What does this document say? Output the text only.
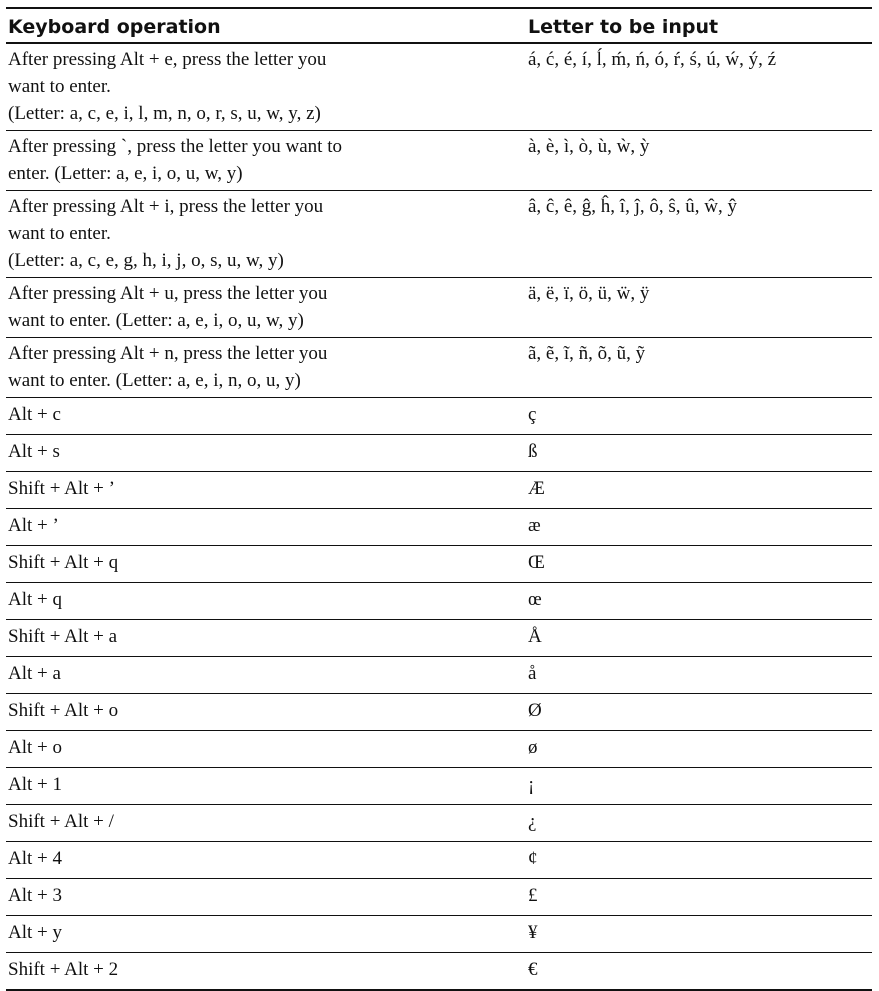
Keyboard operation	Letter to be input

After pressing Alt + e, press the letter you
want to enter.
(Letter: a, c, e, i, l, m, n, o, r, s, u, w, y, z)	á, ć, é, í, ĺ, ḿ, ń, ó, ŕ, ś, ú, ẃ, ý, ź

After pressing `, press the letter you want to
enter. (Letter: a, e, i, o, u, w, y)	à, è, ì, ò, ù, ẁ, ỳ

After pressing Alt + i, press the letter you
want to enter.
(Letter: a, c, e, g, h, i, j, o, s, u, w, y)	â, ĉ, ê, ĝ, ĥ, î, ĵ, ô, ŝ, û, ŵ, ŷ

After pressing Alt + u, press the letter you
want to enter. (Letter: a, e, i, o, u, w, y)	ä, ë, ï, ö, ü, ẅ, ÿ

After pressing Alt + n, press the letter you
want to enter. (Letter: a, e, i, n, o, u, y)	ã, ẽ, ĩ, ñ, õ, ũ, ỹ

Alt + c	ç

Alt + s	ß

Shift + Alt + ’	Æ

Alt + ’	æ

Shift + Alt + q	Œ

Alt + q	œ

Shift + Alt + a	Å

Alt + a	å

Shift + Alt + o	Ø

Alt + o	ø

Alt + 1	¡

Shift + Alt + /	¿

Alt + 4	¢

Alt + 3	£

Alt + y	¥

Shift + Alt + 2	€
